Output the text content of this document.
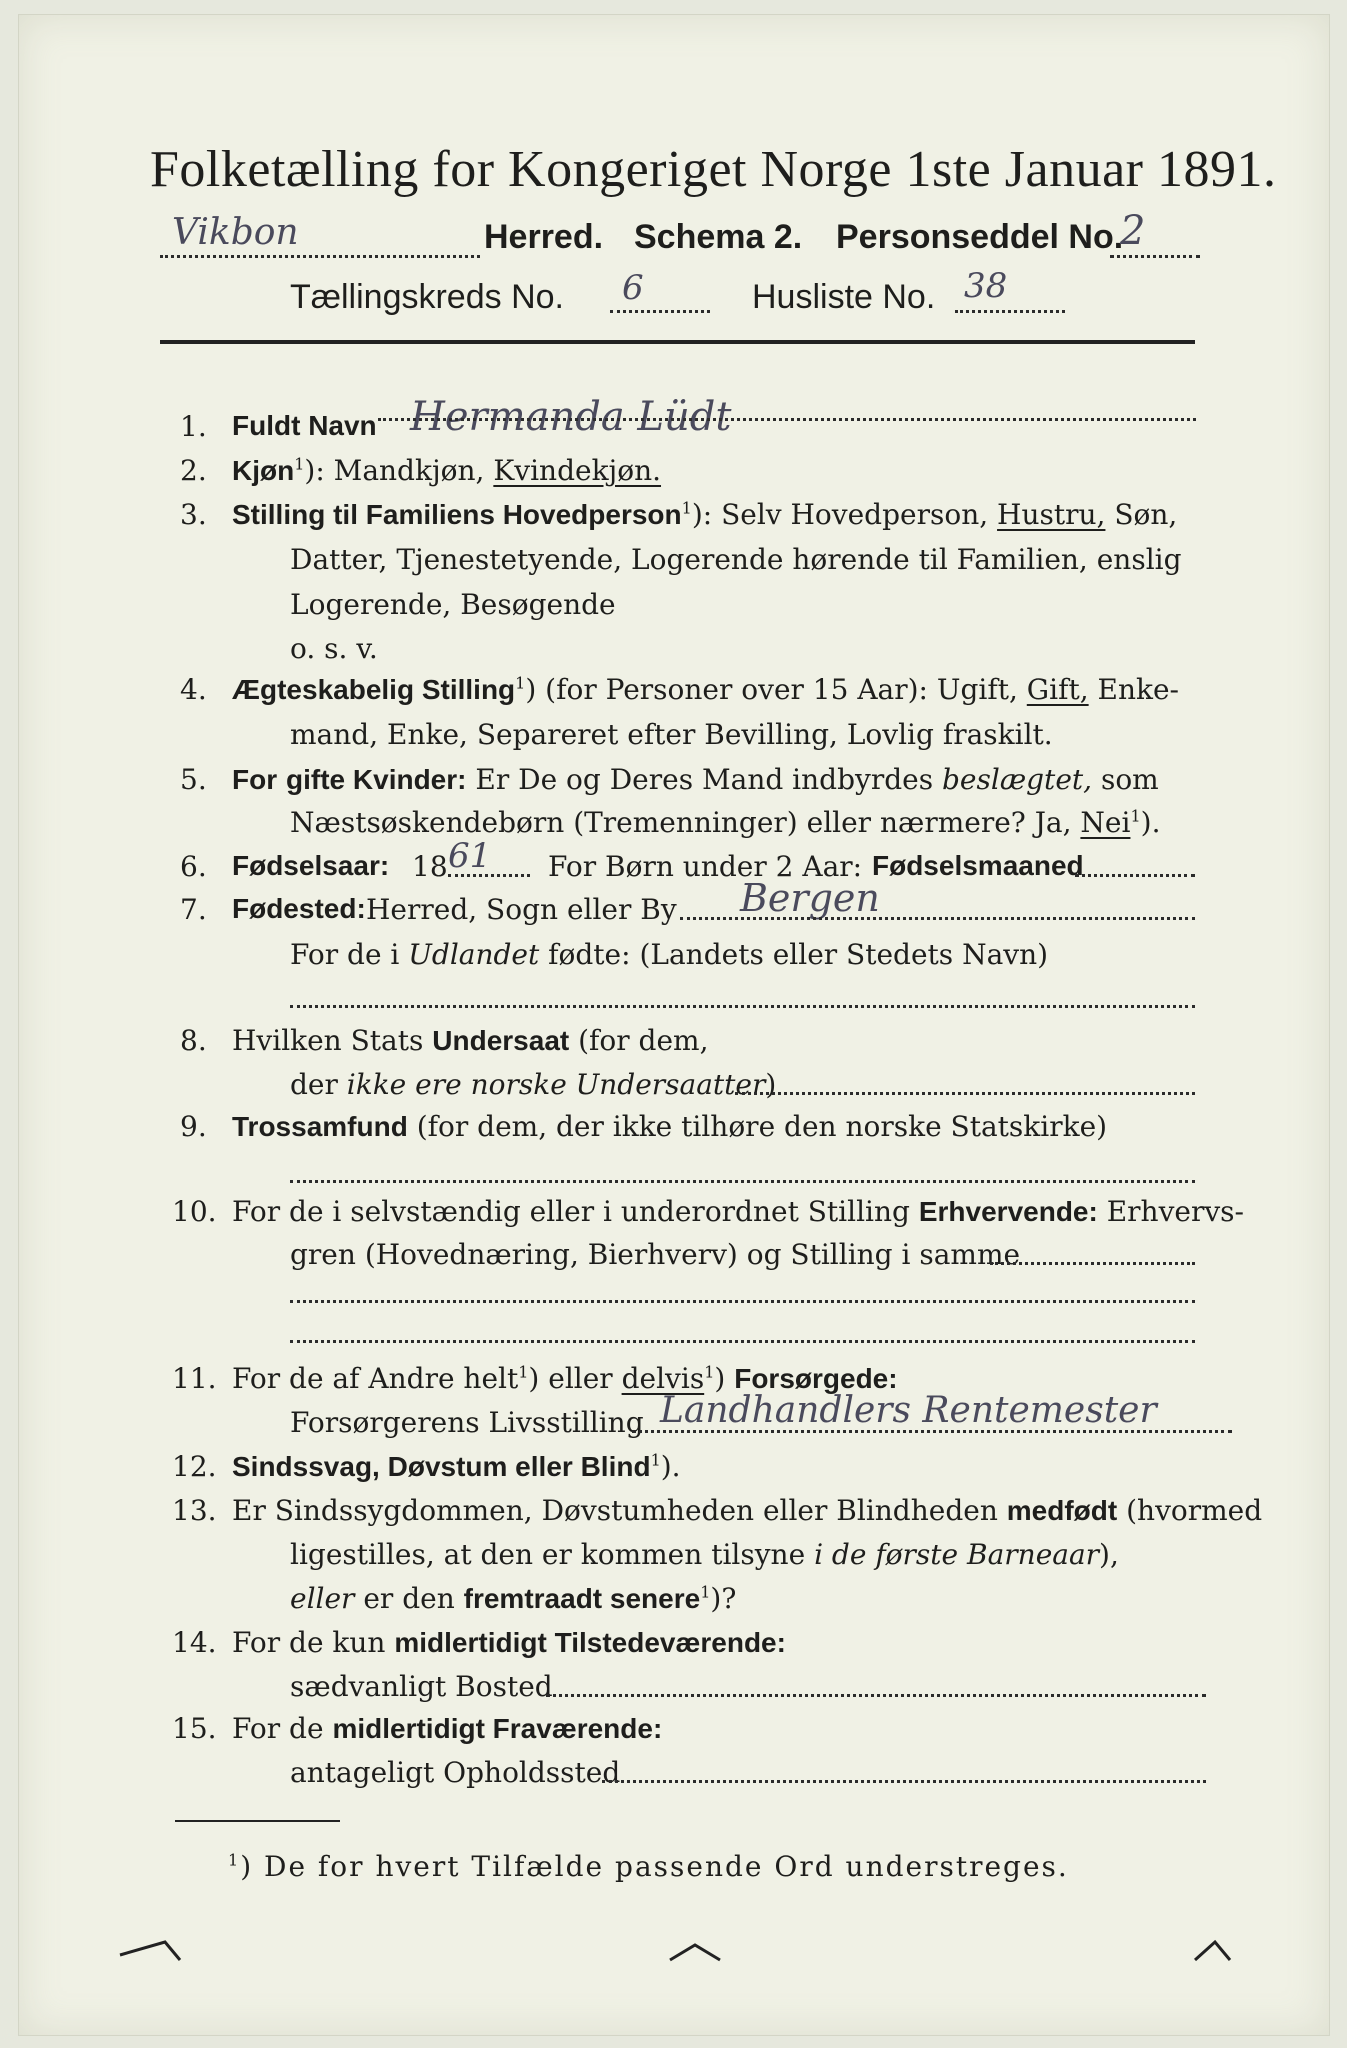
Folketælling for Kongeriget Norge 1ste Januar 1891.
Vikbon	Herred. Schema 2. Personseddel No.
2
Tællingskreds No. 6	Husliste No. 38
1. Fuldt Navn Hermanda Lüdt
2. Kjøn$^1$): Mandkjøn, Kvindekjøn.
3. Stilling til Familiens Hovedperson$^1$): Selv Hovedperson, Hustru, Søn,
Datter, Tjenestetyende, Logerende hørende til Familien, enslig
Logerende, Besøgende
o. s. v.
4. Ægteskabelig Stilling$^1$) (for Personer over 15 Aar): Ugift, Gift, Enke-
mand, Enke, Separeret efter Bevilling, Lovlig fraskilt.
5. For gifte Kvinder: Er De og Deres Mand indbyrdes beslægtet, som
Næstsøskendebørn (Tremenninger) eller nærmere? Ja, Nei$^1$).
6. Fødselsaar: 18 61 For Børn under 2 Aar: Fødselsmaaned
7. Fødested: Herred, Sogn eller By Bergen
For de i Udlandet fødte: (Landets eller Stedets Navn)
8. Hvilken Stats Undersaat (for dem,
der ikke ere norske Undersaatter)
9. Trossamfund (for dem, der ikke tilhøre den norske Statskirke)
10. For de i selvstændig eller i underordnet Stilling Erhvervende: Erhvervs-
gren (Hovednæring, Bierhverv) og Stilling i samme
11. For de af Andre helt$^1$) eller delvis$^1$) Forsørgede:
Forsørgerens Livsstilling Landhandlers Rentemester
12. Sindssvag, Døvstum eller Blind$^1$).
13. Er Sindssygdommen, Døvstumheden eller Blindheden medfødt (hvormed
ligestilles, at den er kommen tilsyne i de første Barneaar),
eller er den fremtraadt senere$^1$)?
14. For de kun midlertidigt Tilstedeværende:
sædvanligt Bosted
15. For de midlertidigt Fraværende:
antageligt Opholdssted
$^1$) De for hvert Tilfælde passende Ord understreges.
